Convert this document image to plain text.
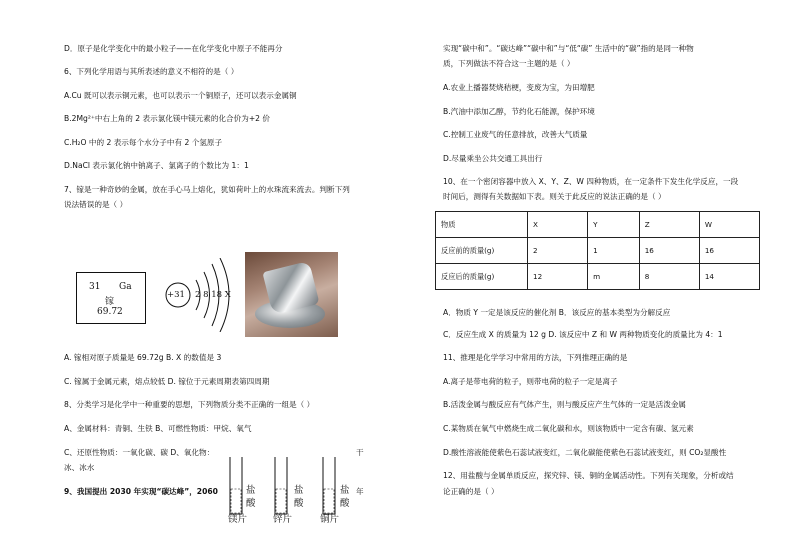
D．原子是化学变化中的最小粒子——在化学变化中原子不能再分
6、下列化学用语与其所表述的意义不相符的是（ ）
A.Cu 既可以表示铜元素，也可以表示一个铜原子，还可以表示金属铜
B.2Mg²⁺中右上角的 2 表示氯化镁中镁元素的化合价为+2 价
C.H₂O 中的 2 表示每个水分子中有 2 个氢原子
D.NaCl 表示氯化钠中钠离子、氯离子的个数比为 1：1
7、镓是一种奇妙的金属，放在手心马上熔化，犹如荷叶上的水珠流来流去。判断下列
说法错误的是（ ）
31 Ga
镓
69.72
+31 2 8 18 X
A. 镓相对原子质量是 69.72g B. X 的数值是 3
C. 镓属于金属元素，熔点较低 D. 镓位于元素周期表第四周期
8、分类学习是化学中一种重要的思想，下列物质分类不正确的一组是（ ）
A、金属材料：青铜、生铁 B、可燃性物质：甲烷、氧气
C、还原性物质：一氧化碳、碳 D、氧化物：	干
冰、冰水
9、我国提出 2030 年实现“碳达峰”，2060	年
盐
酸
盐
酸
盐
酸
镁片	锌片	铜片
实现“碳中和”。“碳达峰”“碳中和”与“低“碳” 生活中的“碳”指的是同一种物
质，下列做法不符合这一主题的是（ ）
A.农业上播器焚烧秸梗，变废为宝，为田增肥
B.汽油中添加乙醇，节约化石能源，保护环境
C.控制工业废气的任意排放，改善大气质量
D.尽量乘坐公共交通工具出行
10、在一个密闭容器中放入 X、Y、Z、W 四种物质，在一定条件下发生化学反应，一段
时间后，测得有关数据如下表。则关于此反应的说法正确的是（ ）
物质	X	Y	Z	W
反应前的质量(g)	2	1	16	16
反应后的质量(g)	12	m	8	14
A．物质 Y 一定是该反应的催化剂 B．该反应的基本类型为分解反应
C．反应生成 X 的质量为 12 g D. 该反应中 Z 和 W 两种物质变化的质量比为 4：1
11、推理是化学学习中常用的方法，下列推理正确的是
A.离子是带电荷的粒子，则带电荷的粒子一定是离子
B.活泼金属与酸反应有气体产生，则与酸反应产生气体的一定是活泼金属
C.某物质在氧气中燃烧生成二氧化碳和水，则该物质中一定含有碳、氢元素
D.酸性溶液能使紫色石蕊试液变红，二氧化碳能使紫色石蕊试液变红，则 CO₂显酸性
12、用盐酸与金属单质反应，探究锌、镁、铜的金属活动性。下列有关现象，分析或结
论正确的是（ ）
